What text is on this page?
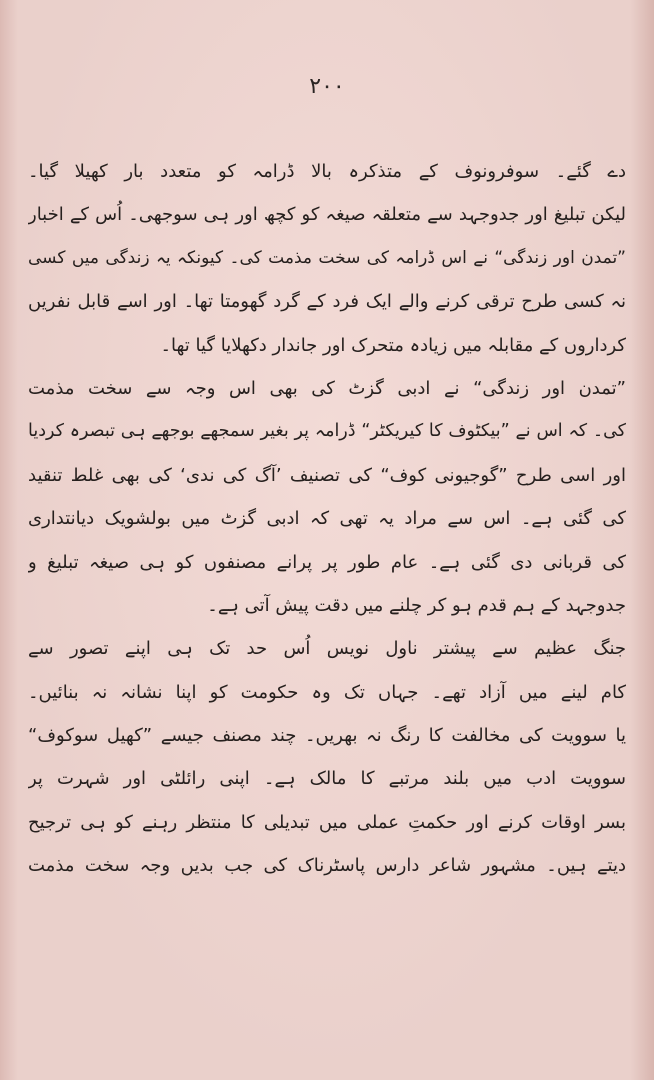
۲۰۰
دے گئے۔ سوفرونوف کے متذکرہ بالا ڈرامہ کو متعدد بار کھیلا گیا۔
لیکن تبلیغ اور جدوجہد سے متعلقہ صیغہ کو کچھ اور ہی سوجھی۔ اُس کے اخبار
”تمدن اور زندگی“ نے اس ڈرامہ کی سخت مذمت کی۔ کیونکہ یہ زندگی میں کسی
نہ کسی طرح ترقی کرنے والے ایک فرد کے گرد گھومتا تھا۔ اور اسے قابل نفریں
کرداروں کے مقابلہ میں زیادہ متحرک اور جاندار دکھلایا گیا تھا۔
”تمدن اور زندگی“ نے ادبی گزٹ کی بھی اس وجہ سے سخت مذمت
کی۔ کہ اس نے ”بیکٹوف کا کیریکٹر“ ڈرامہ پر بغیر سمجھے بوجھے ہی تبصرہ کردیا
اور اسی طرح ”گوجیونی کوف“ کی تصنیف ’آگ کی ندی‘ کی بھی غلط تنقید
کی گئی ہے۔ اس سے مراد یہ تھی کہ ادبی گزٹ میں بولشویک دیانتداری
کی قربانی دی گئی ہے۔ عام طور پر پرانے مصنفوں کو ہی صیغہ تبلیغ و
جدوجہد کے ہم قدم ہو کر چلنے میں دقت پیش آتی ہے۔
جنگ عظیم سے پیشتر ناول نویس اُس حد تک ہی اپنے تصور سے
کام لینے میں آزاد تھے۔ جہاں تک وہ حکومت کو اپنا نشانہ نہ بنائیں۔
یا سوویت کی مخالفت کا رنگ نہ بھریں۔ چند مصنف جیسے ”کھیل سوکوف“
سوویت ادب میں بلند مرتبے کا مالک ہے۔ اپنی رائلٹی اور شہرت پر
بسر اوقات کرنے اور حکمتِ عملی میں تبدیلی کا منتظر رہنے کو ہی ترجیح
دیتے ہیں۔ مشہور شاعر دارس پاسٹرناک کی جب بدیں وجہ سخت مذمت
